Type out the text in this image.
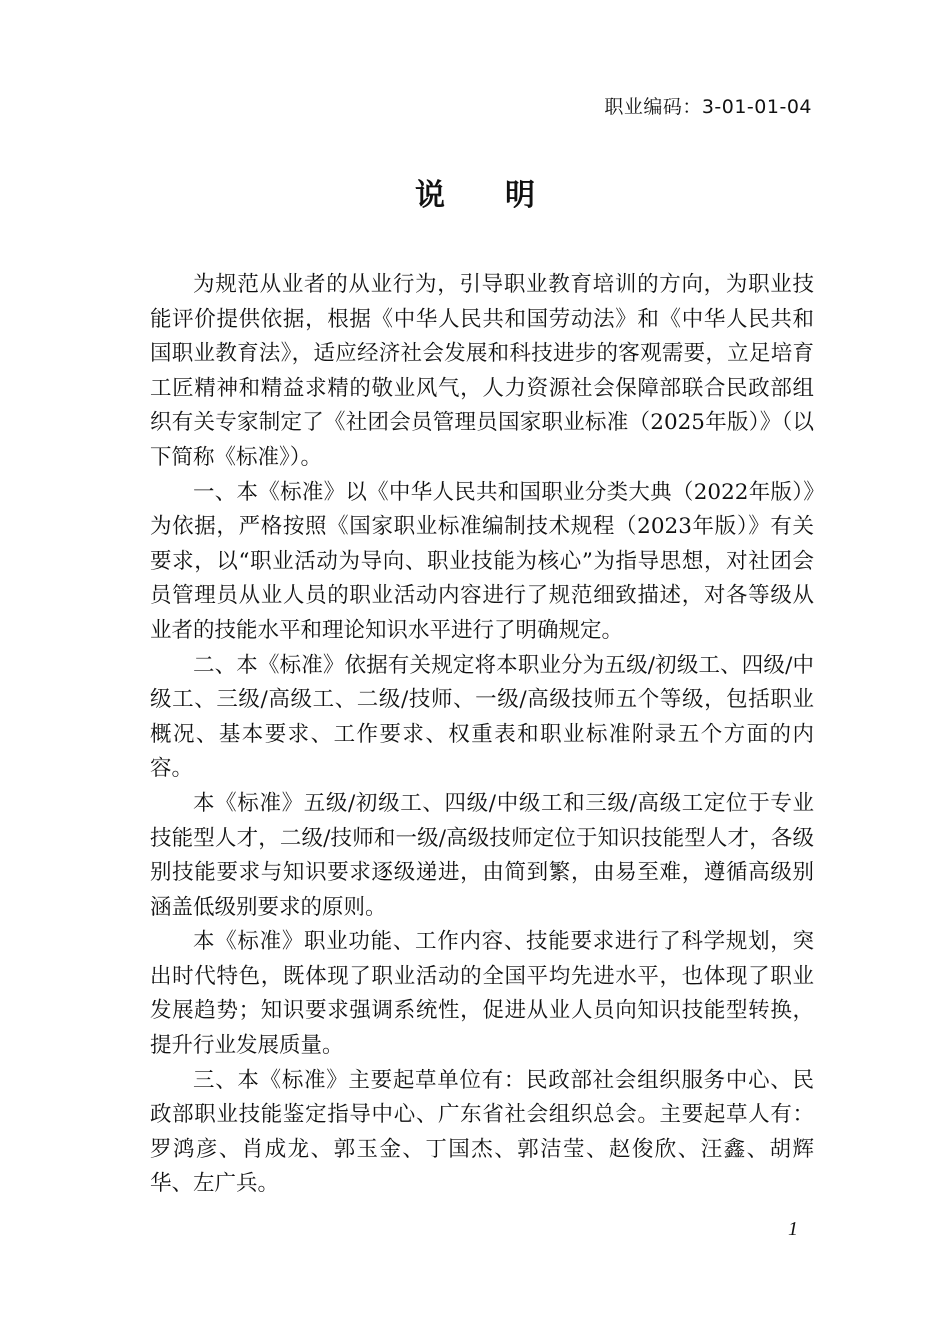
职业编码：3-01-01-04
说明

为规范从业者的从业行为，引导职业教育培训的方向，为职业技能评价提供依据，根据《中华人民共和国劳动法》和《中华人民共和国职业教育法》，适应经济社会发展和科技进步的客观需要，立足培育工匠精神和精益求精的敬业风气，人力资源社会保障部联合民政部组织有关专家制定了《社团会员管理员国家职业标准（2025年版）》（以下简称《标准》）。

一、本《标准》以《中华人民共和国职业分类大典（2022年版）》为依据，严格按照《国家职业标准编制技术规程（2023年版）》有关要求，以“职业活动为导向、职业技能为核心”为指导思想，对社团会员管理员从业人员的职业活动内容进行了规范细致描述，对各等级从业者的技能水平和理论知识水平进行了明确规定。

二、本《标准》依据有关规定将本职业分为五级/初级工、四级/中级工、三级/高级工、二级/技师、一级/高级技师五个等级，包括职业概况、基本要求、工作要求、权重表和职业标准附录五个方面的内容。

本《标准》五级/初级工、四级/中级工和三级/高级工定位于专业技能型人才，二级/技师和一级/高级技师定位于知识技能型人才，各级别技能要求与知识要求逐级递进，由简到繁，由易至难，遵循高级别涵盖低级别要求的原则。

本《标准》职业功能、工作内容、技能要求进行了科学规划，突出时代特色，既体现了职业活动的全国平均先进水平，也体现了职业发展趋势；知识要求强调系统性，促进从业人员向知识技能型转换，提升行业发展质量。

三、本《标准》主要起草单位有：民政部社会组织服务中心、民政部职业技能鉴定指导中心、广东省社会组织总会。主要起草人有：罗鸿彦、肖成龙、郭玉金、丁国杰、郭洁莹、赵俊欣、汪鑫、胡辉华、左广兵。

1
